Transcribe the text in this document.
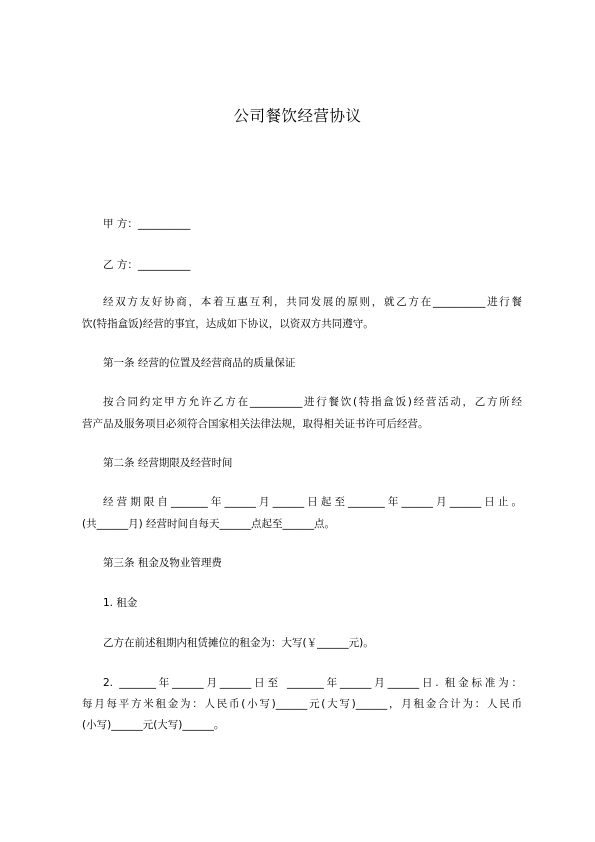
公司餐饮经营协议

甲 方：__________

乙 方：__________

经双方友好协商，本着互惠互利，共同发展的原则，就乙方在__________进行餐

饮(特指盒饭)经营的事宜，达成如下协议，以资双方共同遵守。

第一条 经营的位置及经营商品的质量保证

按合同约定甲方允许乙方在__________进行餐饮(特指盒饭)经营活动，乙方所经

营产品及服务项目必须符合国家相关法律法规，取得相关证书许可后经营。

第二条 经营期限及经营时间

经营期限自_______年______月______日起至_______年______月______日止。

(共______月) 经营时间自每天______点起至______点。

第三条 租金及物业管理费

1. 租金

乙方在前述租期内租赁摊位的租金为：大写(￥______元)。

2. _______年______月______日至 _______年______月______日. 租金标准为：

每月每平方米租金为：人民币(小写)______元(大写)______，月租金合计为：人民币

(小写)______元(大写)______。
